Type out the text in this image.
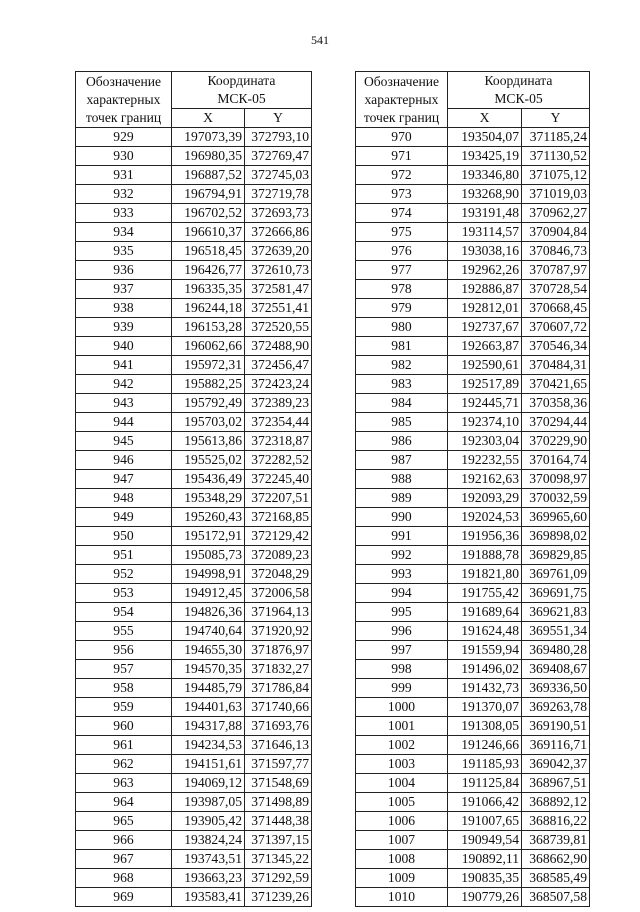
541
Обозначение
характерных
точек границ	Координата
МСК-05	
	X	Y
929	197073,39	372793,10
930	196980,35	372769,47
931	196887,52	372745,03
932	196794,91	372719,78
933	196702,52	372693,73
934	196610,37	372666,86
935	196518,45	372639,20
936	196426,77	372610,73
937	196335,35	372581,47
938	196244,18	372551,41
939	196153,28	372520,55
940	196062,66	372488,90
941	195972,31	372456,47
942	195882,25	372423,24
943	195792,49	372389,23
944	195703,02	372354,44
945	195613,86	372318,87
946	195525,02	372282,52
947	195436,49	372245,40
948	195348,29	372207,51
949	195260,43	372168,85
950	195172,91	372129,42
951	195085,73	372089,23
952	194998,91	372048,29
953	194912,45	372006,58
954	194826,36	371964,13
955	194740,64	371920,92
956	194655,30	371876,97
957	194570,35	371832,27
958	194485,79	371786,84
959	194401,63	371740,66
960	194317,88	371693,76
961	194234,53	371646,13
962	194151,61	371597,77
963	194069,12	371548,69
964	193987,05	371498,89
965	193905,42	371448,38
966	193824,24	371397,15
967	193743,51	371345,22
968	193663,23	371292,59
969	193583,41	371239,26
Обозначение
характерных
точек границ	Координата
МСК-05	
	X	Y
970	193504,07	371185,24
971	193425,19	371130,52
972	193346,80	371075,12
973	193268,90	371019,03
974	193191,48	370962,27
975	193114,57	370904,84
976	193038,16	370846,73
977	192962,26	370787,97
978	192886,87	370728,54
979	192812,01	370668,45
980	192737,67	370607,72
981	192663,87	370546,34
982	192590,61	370484,31
983	192517,89	370421,65
984	192445,71	370358,36
985	192374,10	370294,44
986	192303,04	370229,90
987	192232,55	370164,74
988	192162,63	370098,97
989	192093,29	370032,59
990	192024,53	369965,60
991	191956,36	369898,02
992	191888,78	369829,85
993	191821,80	369761,09
994	191755,42	369691,75
995	191689,64	369621,83
996	191624,48	369551,34
997	191559,94	369480,28
998	191496,02	369408,67
999	191432,73	369336,50
1000	191370,07	369263,78
1001	191308,05	369190,51
1002	191246,66	369116,71
1003	191185,93	369042,37
1004	191125,84	368967,51
1005	191066,42	368892,12
1006	191007,65	368816,22
1007	190949,54	368739,81
1008	190892,11	368662,90
1009	190835,35	368585,49
1010	190779,26	368507,58
